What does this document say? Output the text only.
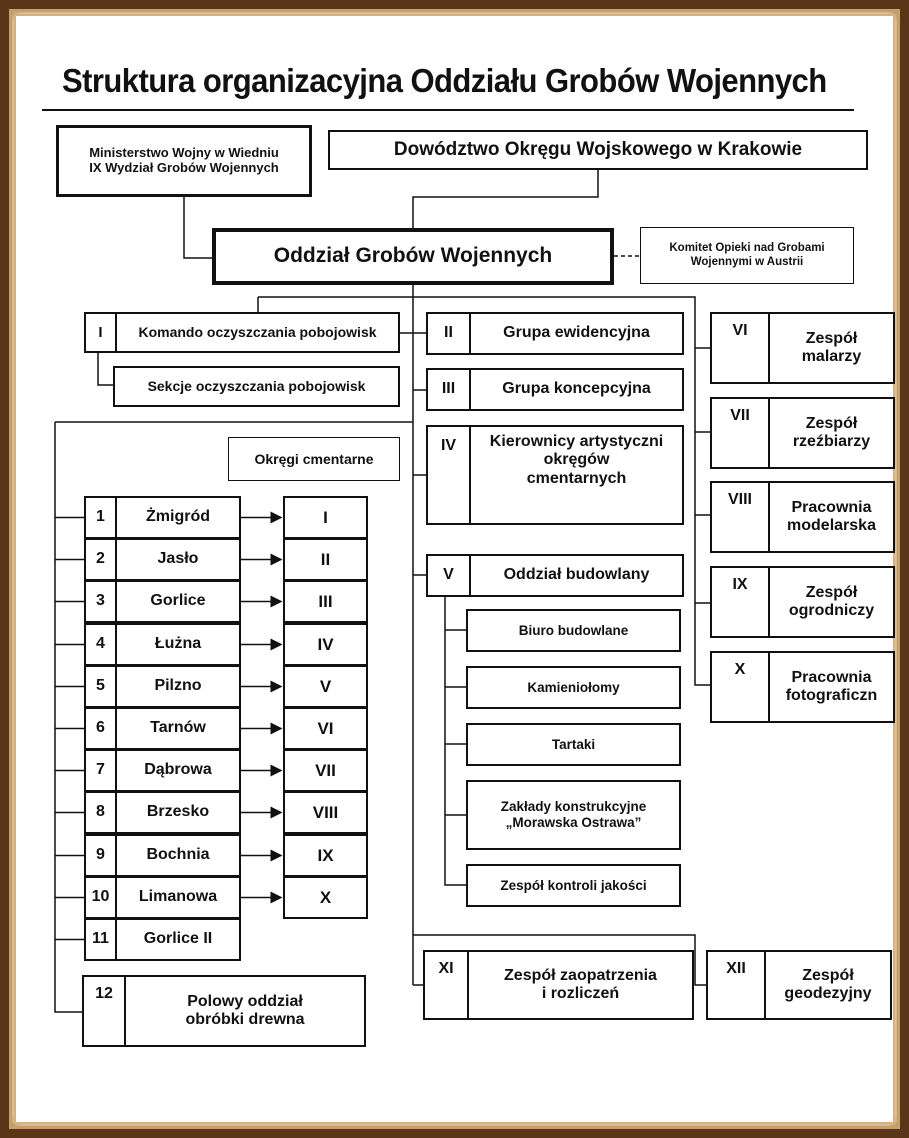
Struktura organizacyjna Oddziału Grobów Wojennych
Ministerstwo Wojny w Wiedniu
IX Wydział Grobów Wojennych
Dowództwo Okręgu Wojskowego w Krakowie
Oddział Grobów Wojennych	Komitet Opieki nad Grobami
Wojennymi w Austrii
I	Komando oczyszczania pobojowisk
Sekcje oczyszczania pobojowisk
Okręgi cmentarne
1	Żmigród	I
2	Jasło	II
3	Gorlice	III
4	Łużna	IV
5	Pilzno	V
6	Tarnów	VI
7	Dąbrowa	VII
8	Brzesko	VIII
9	Bochnia	IX
10	Limanowa	X
11	Gorlice II
12	Polowy oddział
obróbki drewna
II	Grupa ewidencyjna
III	Grupa koncepcyjna
IV	Kierownicy artystyczni
okręgów
cmentarnych
V	Oddział budowlany
Biuro budowlane
Kamieniołomy
Tartaki
Zakłady konstrukcyjne
„Morawska Ostrawa”
Zespół kontroli jakości
XI	Zespół zaopatrzenia
i rozliczeń
VI	Zespół
malarzy
VII	Zespół
rzeźbiarzy
VIII	Pracownia
modelarska
IX	Zespół
ogrodniczy
X	Pracownia
fotograficzn
XII	Zespół
geodezyjny
